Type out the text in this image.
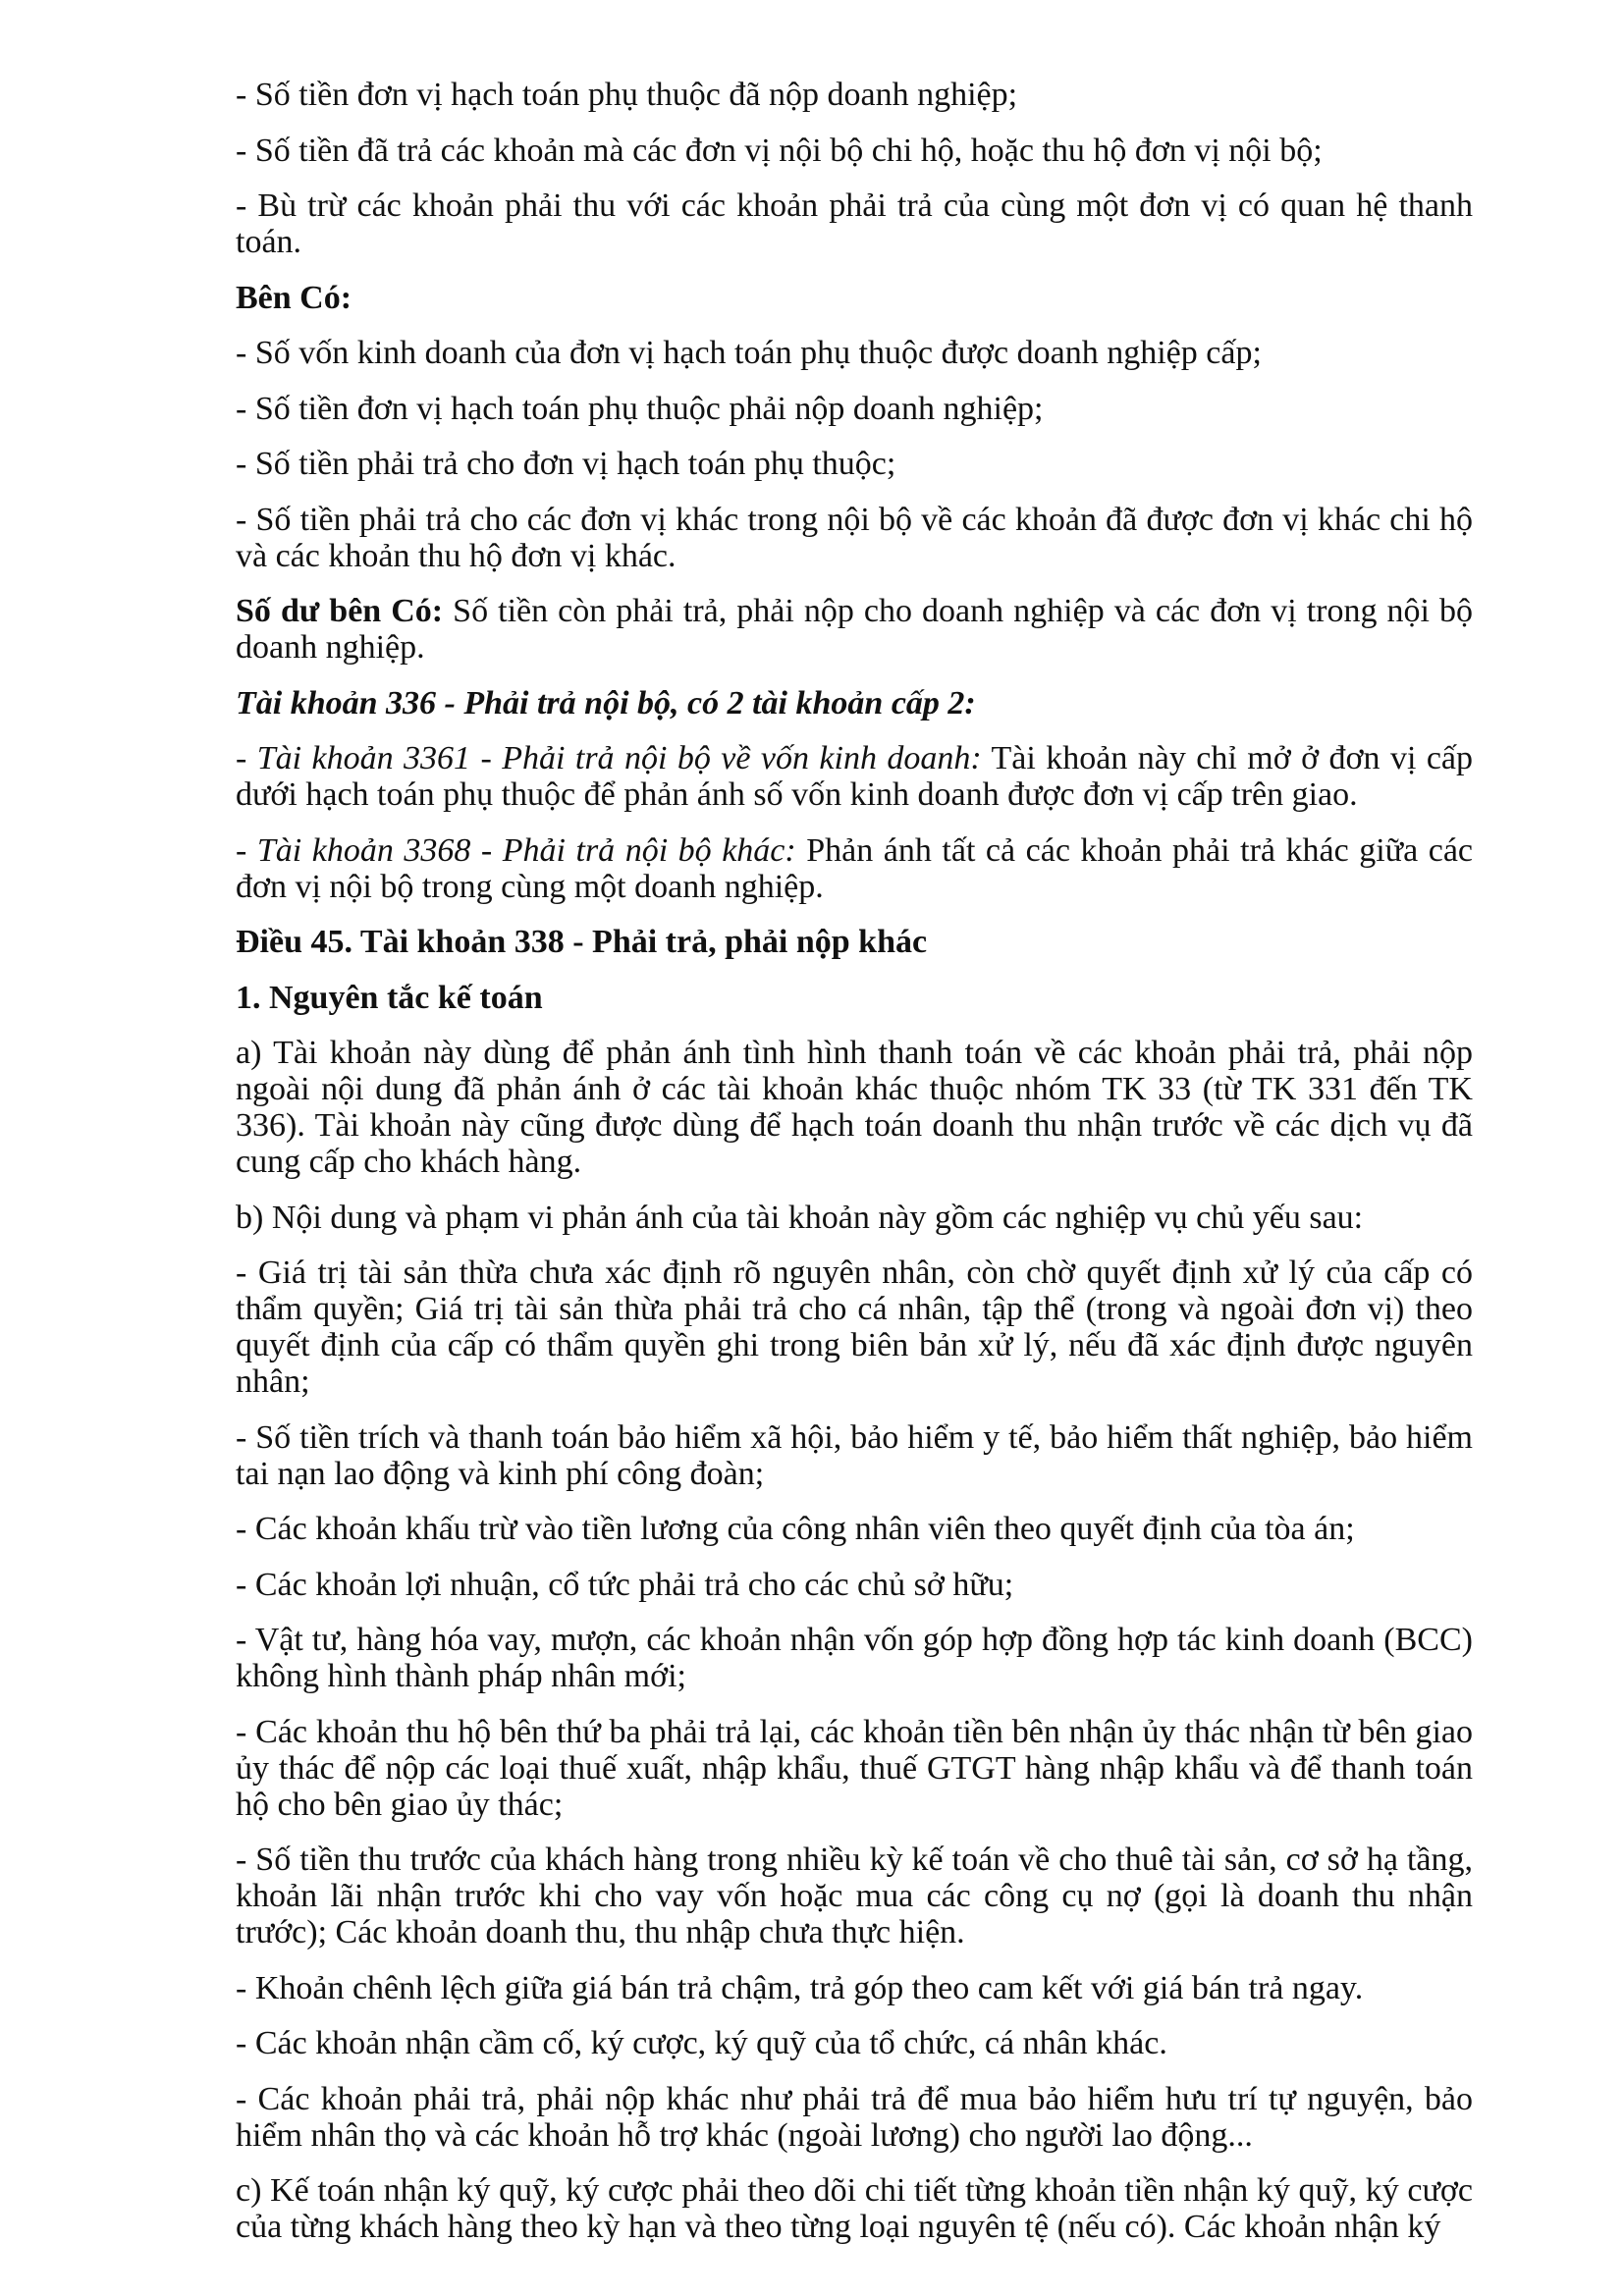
- Số tiền đơn vị hạch toán phụ thuộc đã nộp doanh nghiệp;

- Số tiền đã trả các khoản mà các đơn vị nội bộ chi hộ, hoặc thu hộ đơn vị nội bộ;

- Bù trừ các khoản phải thu với các khoản phải trả của cùng một đơn vị có quan hệ thanh toán.

Bên Có:

- Số vốn kinh doanh của đơn vị hạch toán phụ thuộc được doanh nghiệp cấp;

- Số tiền đơn vị hạch toán phụ thuộc phải nộp doanh nghiệp;

- Số tiền phải trả cho đơn vị hạch toán phụ thuộc;

- Số tiền phải trả cho các đơn vị khác trong nội bộ về các khoản đã được đơn vị khác chi hộ và các khoản thu hộ đơn vị khác.

Số dư bên Có: Số tiền còn phải trả, phải nộp cho doanh nghiệp và các đơn vị trong nội bộ doanh nghiệp.

Tài khoản 336 - Phải trả nội bộ, có 2 tài khoản cấp 2:

- Tài khoản 3361 - Phải trả nội bộ về vốn kinh doanh: Tài khoản này chỉ mở ở đơn vị cấp dưới hạch toán phụ thuộc để phản ánh số vốn kinh doanh được đơn vị cấp trên giao.

- Tài khoản 3368 - Phải trả nội bộ khác: Phản ánh tất cả các khoản phải trả khác giữa các đơn vị nội bộ trong cùng một doanh nghiệp.

Điều 45. Tài khoản 338 - Phải trả, phải nộp khác

1. Nguyên tắc kế toán

a) Tài khoản này dùng để phản ánh tình hình thanh toán về các khoản phải trả, phải nộp ngoài nội dung đã phản ánh ở các tài khoản khác thuộc nhóm TK 33 (từ TK 331 đến TK 336). Tài khoản này cũng được dùng để hạch toán doanh thu nhận trước về các dịch vụ đã cung cấp cho khách hàng.

b) Nội dung và phạm vi phản ánh của tài khoản này gồm các nghiệp vụ chủ yếu sau:

- Giá trị tài sản thừa chưa xác định rõ nguyên nhân, còn chờ quyết định xử lý của cấp có thẩm quyền; Giá trị tài sản thừa phải trả cho cá nhân, tập thể (trong và ngoài đơn vị) theo quyết định của cấp có thẩm quyền ghi trong biên bản xử lý, nếu đã xác định được nguyên nhân;

- Số tiền trích và thanh toán bảo hiểm xã hội, bảo hiểm y tế, bảo hiểm thất nghiệp, bảo hiểm tai nạn lao động và kinh phí công đoàn;

- Các khoản khấu trừ vào tiền lương của công nhân viên theo quyết định của tòa án;

- Các khoản lợi nhuận, cổ tức phải trả cho các chủ sở hữu;

- Vật tư, hàng hóa vay, mượn, các khoản nhận vốn góp hợp đồng hợp tác kinh doanh (BCC) không hình thành pháp nhân mới;

- Các khoản thu hộ bên thứ ba phải trả lại, các khoản tiền bên nhận ủy thác nhận từ bên giao ủy thác để nộp các loại thuế xuất, nhập khẩu, thuế GTGT hàng nhập khẩu và để thanh toán hộ cho bên giao ủy thác;

- Số tiền thu trước của khách hàng trong nhiều kỳ kế toán về cho thuê tài sản, cơ sở hạ tầng, khoản lãi nhận trước khi cho vay vốn hoặc mua các công cụ nợ (gọi là doanh thu nhận trước); Các khoản doanh thu, thu nhập chưa thực hiện.

- Khoản chênh lệch giữa giá bán trả chậm, trả góp theo cam kết với giá bán trả ngay.

- Các khoản nhận cầm cố, ký cược, ký quỹ của tổ chức, cá nhân khác.

- Các khoản phải trả, phải nộp khác như phải trả để mua bảo hiểm hưu trí tự nguyện, bảo hiểm nhân thọ và các khoản hỗ trợ khác (ngoài lương) cho người lao động...

c) Kế toán nhận ký quỹ, ký cược phải theo dõi chi tiết từng khoản tiền nhận ký quỹ, ký cược của từng khách hàng theo kỳ hạn và theo từng loại nguyên tệ (nếu có). Các khoản nhận ký
